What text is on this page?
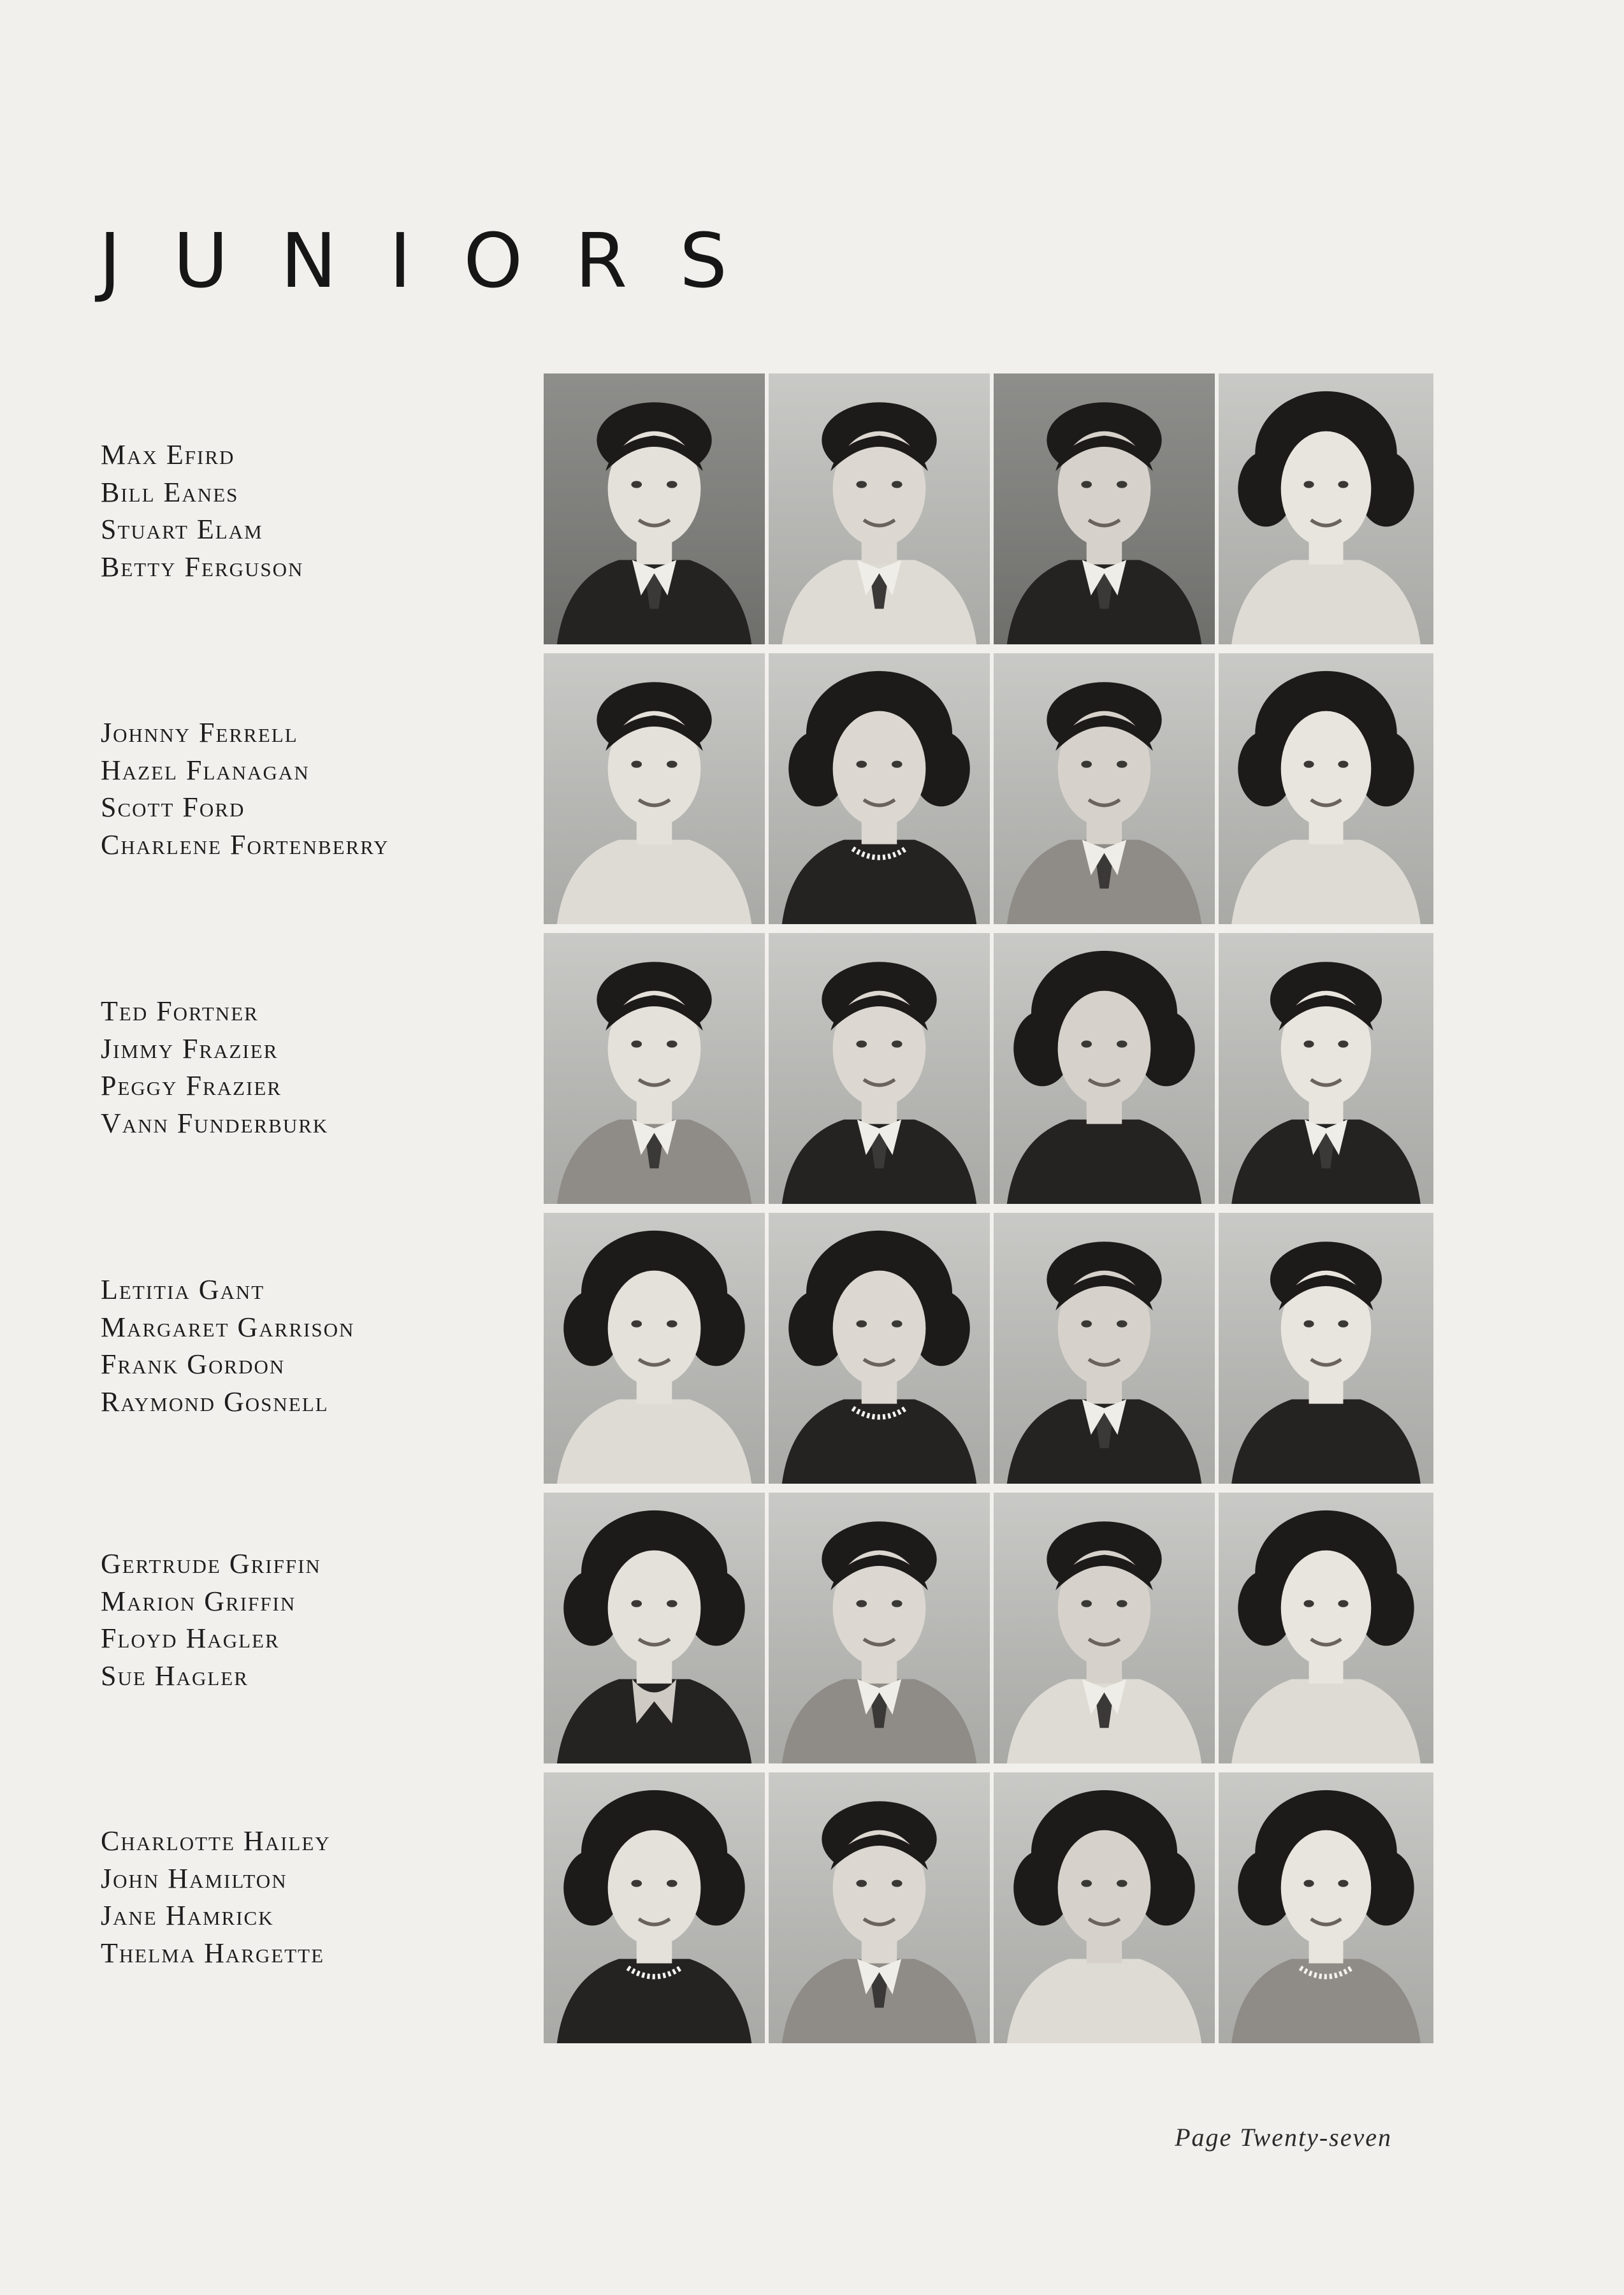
JUNIORS
Max Efird
Bill Eanes
Stuart Elam
Betty Ferguson
Johnny Ferrell
Hazel Flanagan
Scott Ford
Charlene Fortenberry
Ted Fortner
Jimmy Frazier
Peggy Frazier
Vann Funderburk
Letitia Gant
Margaret Garrison
Frank Gordon
Raymond Gosnell
Gertrude Griffin
Marion Griffin
Floyd Hagler
Sue Hagler
Charlotte Hailey
John Hamilton
Jane Hamrick
Thelma Hargette
Page Twenty-seven
